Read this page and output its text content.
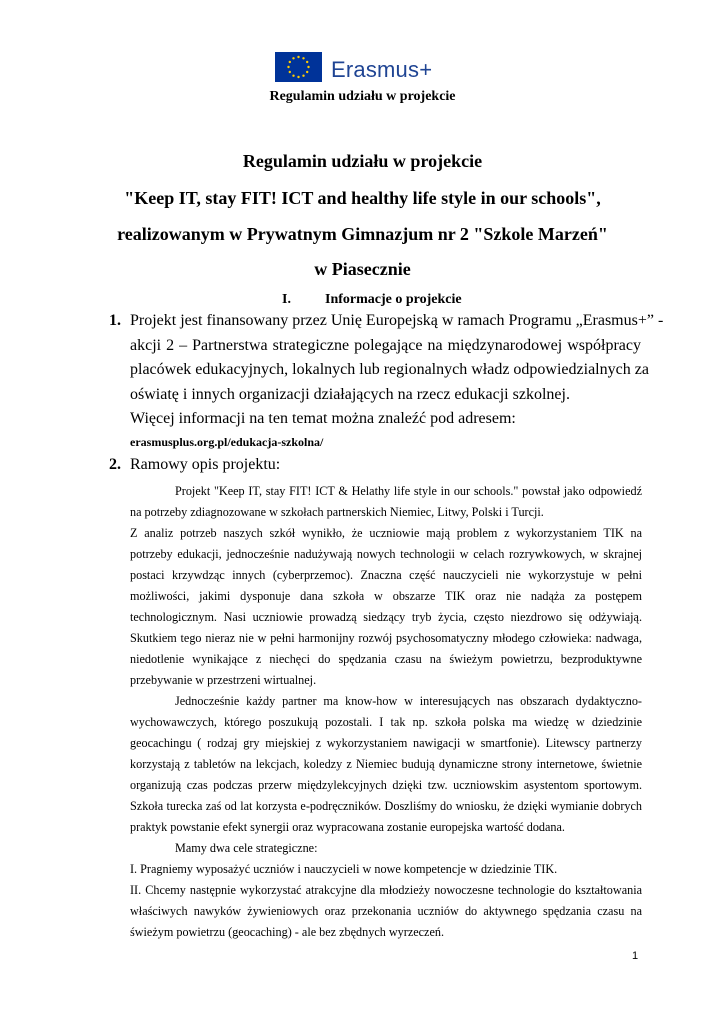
Erasmus+
Regulamin udziału w projekcie
Regulamin udziału w projekcie
"Keep IT, stay FIT! ICT and healthy life style in our schools",
realizowanym w Prywatnym Gimnazjum nr 2 "Szkole Marzeń"
w Piasecznie
I. Informacje o projekcie
1. Projekt jest finansowany przez Unię Europejską w ramach Programu „Erasmus+” -
akcji 2 – Partnerstwa strategiczne polegające na międzynarodowej współpracy
placówek edukacyjnych, lokalnych lub regionalnych władz odpowiedzialnych za
oświatę i innych organizacji działających na rzecz edukacji szkolnej.
Więcej informacji na ten temat można znaleźć pod adresem:
erasmusplus.org.pl/edukacja-szkolna/
2. Ramowy opis projektu:
Projekt "Keep IT, stay FIT! ICT & Helathy life style in our schools." powstał jako odpowiedź
na potrzeby zdiagnozowane w szkołach partnerskich Niemiec, Litwy, Polski i Turcji.
Z analiz potrzeb naszych szkół wynikło, że uczniowie mają problem z wykorzystaniem TIK na
potrzeby edukacji, jednocześnie nadużywają nowych technologii w celach rozrywkowych, w skrajnej
postaci krzywdząc innych (cyberprzemoc). Znaczna część nauczycieli nie wykorzystuje w pełni
możliwości, jakimi dysponuje dana szkoła w obszarze TIK oraz nie nadąża za postępem
technologicznym. Nasi uczniowie prowadzą siedzący tryb życia, często niezdrowo się odżywiają.
Skutkiem tego nieraz nie w pełni harmonijny rozwój psychosomatyczny młodego człowieka: nadwaga,
niedotlenie wynikające z niechęci do spędzania czasu na świeżym powietrzu, bezproduktywne
przebywanie w przestrzeni wirtualnej.
Jednocześnie każdy partner ma know-how w interesujących nas obszarach dydaktyczno-
wychowawczych, którego poszukują pozostali. I tak np. szkoła polska ma wiedzę w dziedzinie
geocachingu ( rodzaj gry miejskiej z wykorzystaniem nawigacji w smartfonie). Litewscy partnerzy
korzystają z tabletów na lekcjach, koledzy z Niemiec budują dynamiczne strony internetowe, świetnie
organizują czas podczas przerw międzylekcyjnych dzięki tzw. uczniowskim asystentom sportowym.
Szkoła turecka zaś od lat korzysta e-podręczników. Doszliśmy do wniosku, że dzięki wymianie dobrych
praktyk powstanie efekt synergii oraz wypracowana zostanie europejska wartość dodana.
Mamy dwa cele strategiczne:
I. Pragniemy wyposażyć uczniów i nauczycieli w nowe kompetencje w dziedzinie TIK.
II. Chcemy następnie wykorzystać atrakcyjne dla młodzieży nowoczesne technologie do kształtowania
właściwych nawyków żywieniowych oraz przekonania uczniów do aktywnego spędzania czasu na
świeżym powietrzu (geocaching) - ale bez zbędnych wyrzeczeń.
1
